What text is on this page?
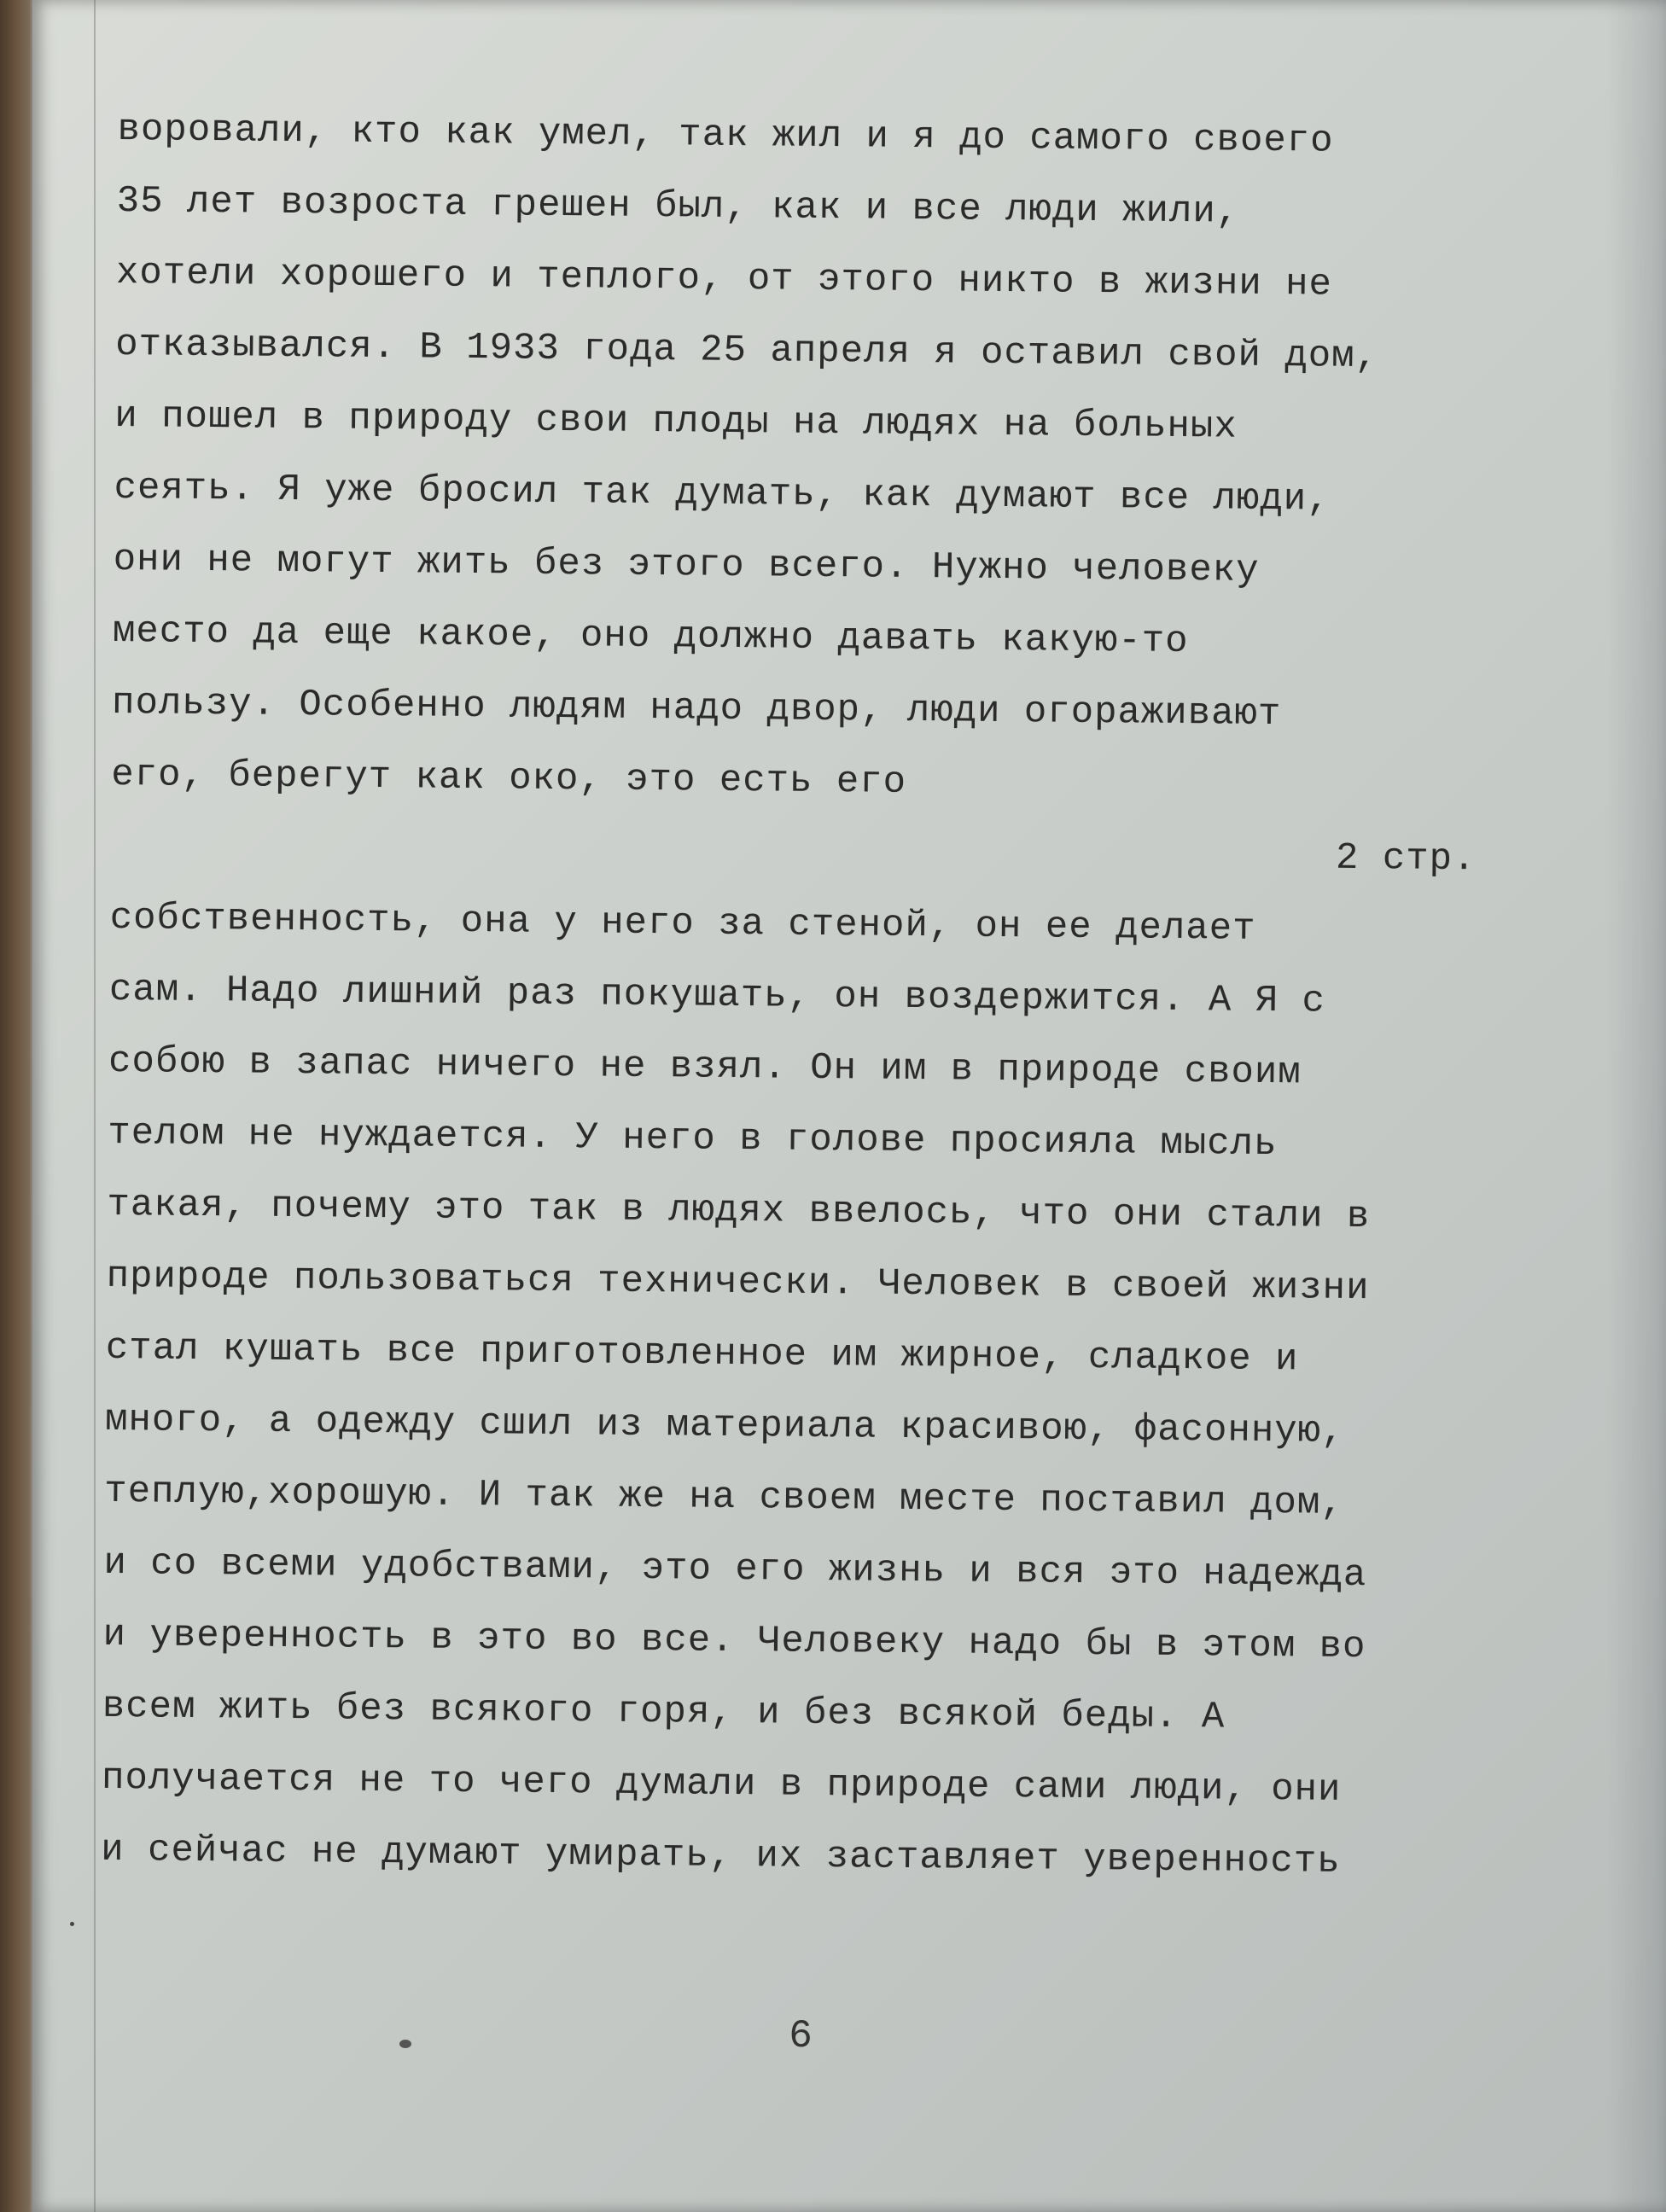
воровали, кто как умел, так жил и я до самого своего
35 лет возроста грешен был, как и все люди жили,
хотели хорошего и теплого, от этого никто в жизни не
отказывался. В 1933 года 25 апреля я оставил свой дом,
и пошел в природу свои плоды на людях на больных
сеять. Я уже бросил так думать, как думают все люди,
они не могут жить без этого всего. Нужно человеку
место да еще какое, оно должно давать какую-то
пользу. Особенно людям надо двор, люди огораживают
его, берегут как око, это есть его
2 стр.
собственность, она у него за стеной, он ее делает
сам. Надо лишний раз покушать, он воздержится. А Я с
собою в запас ничего не взял. Он им в природе своим
телом не нуждается. У него в голове просияла мысль
такая, почему это так в людях ввелось, что они стали в
природе пользоваться технически. Человек в своей жизни
стал кушать все приготовленное им жирное, сладкое и
много, а одежду сшил из материала красивою, фасонную,
теплую,хорошую. И так же на своем месте поставил дом,
и со всеми удобствами, это его жизнь и вся это надежда
и уверенность в это во все. Человеку надо бы в этом во
всем жить без всякого горя, и без всякой беды. А
получается не то чего думали в природе сами люди, они
и сейчас не думают умирать, их заставляет уверенность
6
